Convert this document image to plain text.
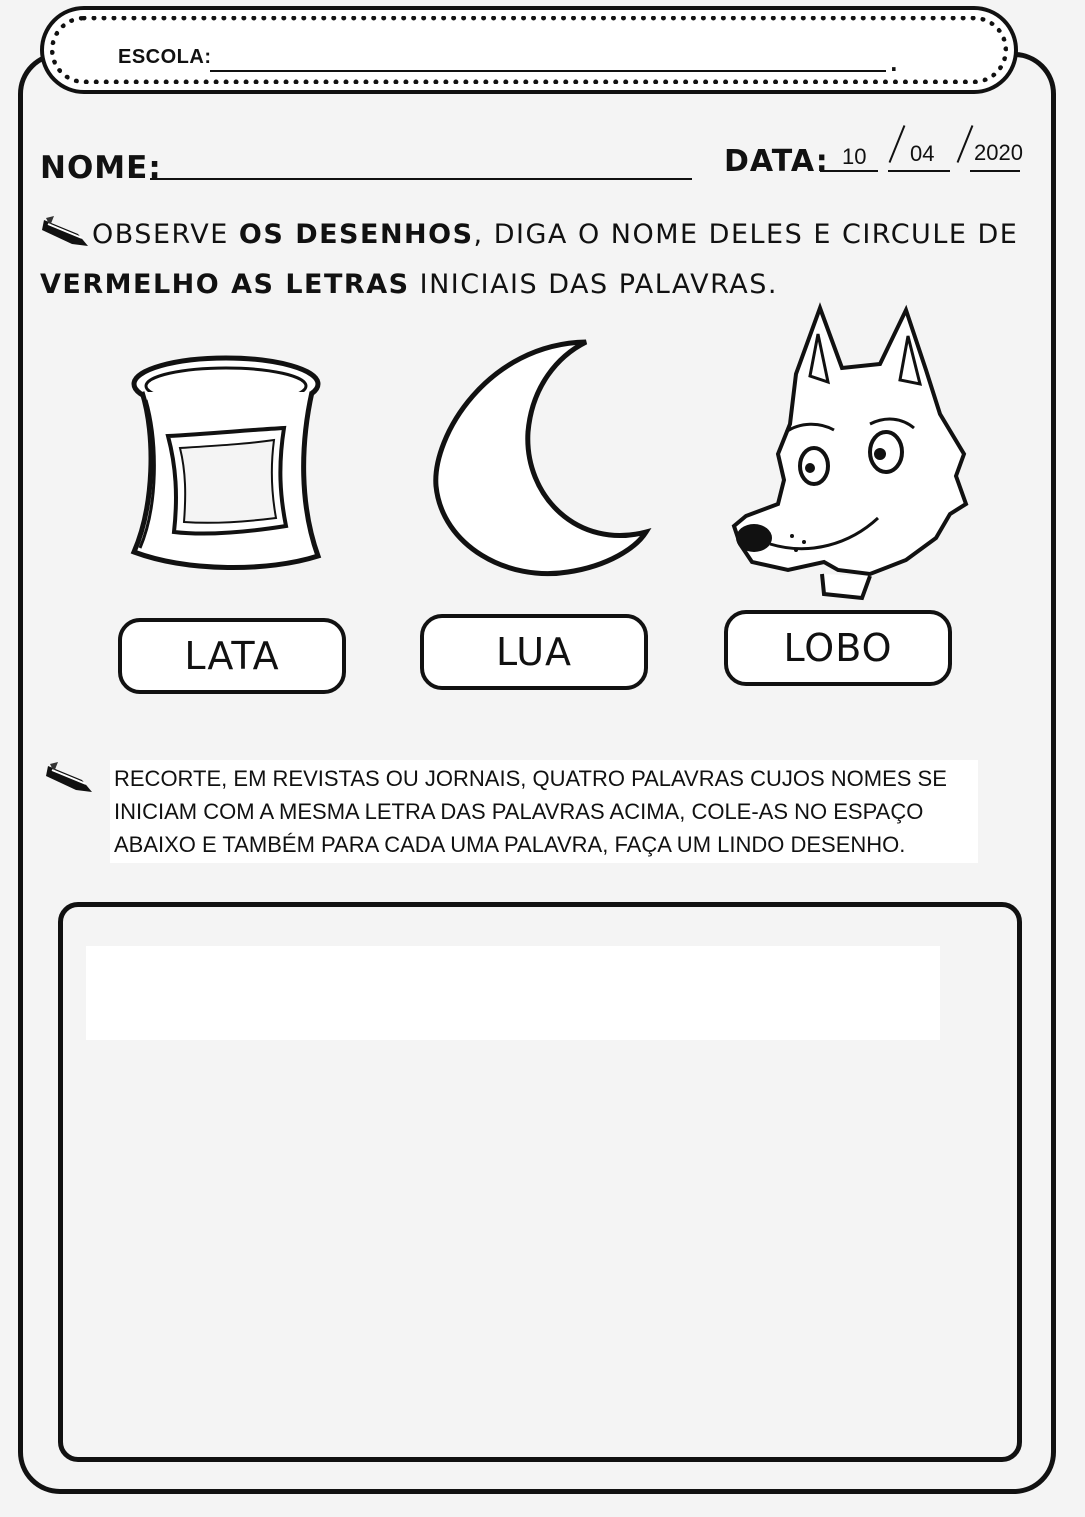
ESCOLA:	.
NOME:	DATA: 10 04 2020
OBSERVE OS DESENHOS, DIGA O NOME DELES E CIRCULE DE
VERMELHO AS LETRAS INICIAIS DAS PALAVRAS.
LATA	LUA	LOBO
RECORTE, EM REVISTAS OU JORNAIS, QUATRO PALAVRAS CUJOS NOMES SE
INICIAM COM A MESMA LETRA DAS PALAVRAS ACIMA, COLE-AS NO ESPAÇO
ABAIXO E TAMBÉM PARA CADA UMA PALAVRA, FAÇA UM LINDO DESENHO.
